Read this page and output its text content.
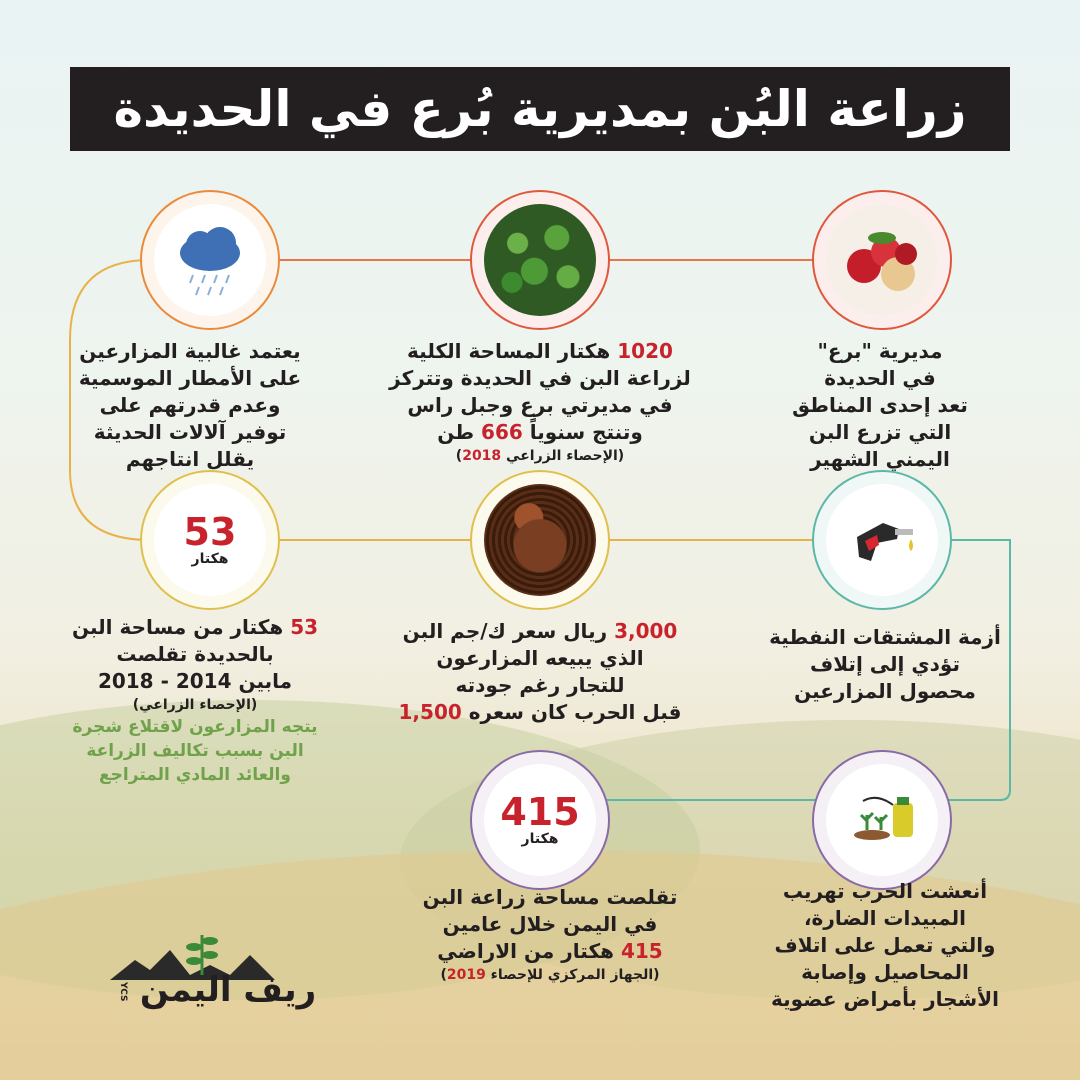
زراعة البُن بمديرية بُرع في الحديدة
يعتمد غالبية المزارعين
على الأمطار الموسمية
وعدم قدرتهم على
توفير آلالات الحديثة
يقلل انتاجهم
1020 هكتار المساحة الكلية
لزراعة البن في الحديدة وتتركز
في مديرتي برع وجبل راس
وتنتج سنوياً 666 طن
(الإحصاء الزراعي 2018)
مديرية "برع"
في الحديدة
تعد إحدى المناطق
التي تزرع البن
اليمني الشهير
53
هكتار
53 هكتار من مساحة البن
بالحديدة تقلصت
مابين 2014 - 2018
(الإحصاء الزراعي)
يتجه المزارعون لاقتلاع شجرة
البن بسبب تكاليف الزراعة
والعائد المادي المتراجع
3,000 ريال سعر ك/جم البن
الذي يبيعه المزارعون
للتجار رغم جودته
قبل الحرب كان سعره 1,500
أزمة المشتقات النفطية
تؤدي إلى إتلاف
محصول المزارعين
415
هكتار
تقلصت مساحة زراعة البن
في اليمن خلال عامين
415 هكتار من الاراضي
(الجهاز المركزي للإحصاء 2019)
أنعشت الحرب تهريب
المبيدات الضارة،
والتي تعمل على اتلاف
المحاصيل وإصابة
الأشجار بأمراض عضوية
ريف اليمن YCS
